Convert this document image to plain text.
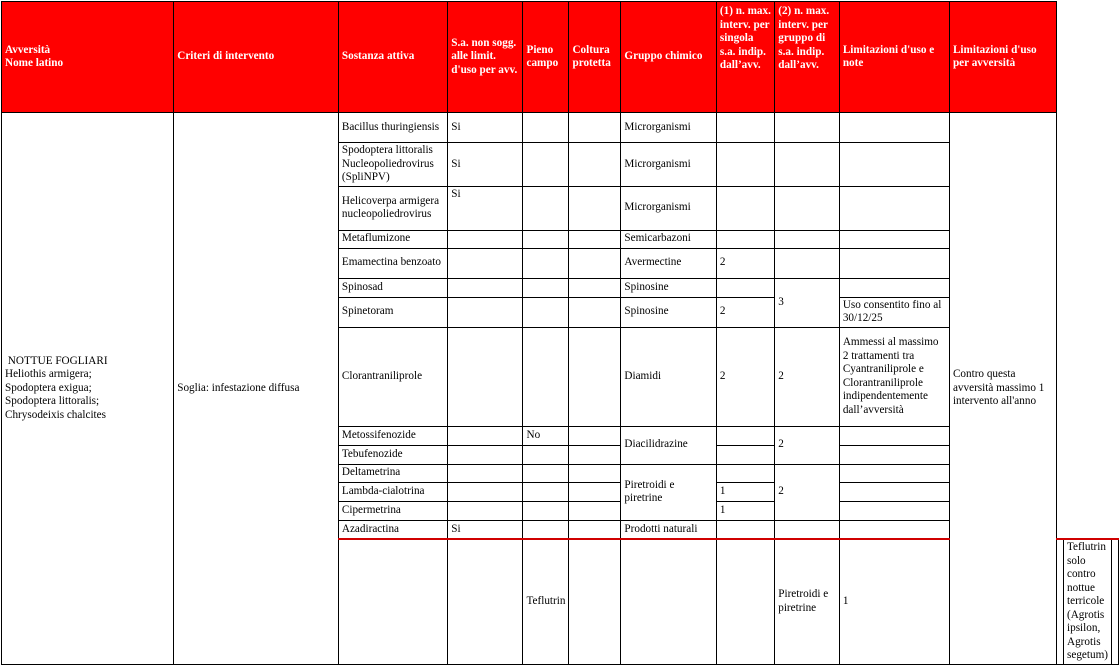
Avversità
Nome latino	Criteri di intervento	Sostanza attiva	S.a. non sogg. alle limit. d'uso per avv.	Pieno campo	Coltura protetta	Gruppo chimico	(1) n. max. interv. per singola s.a. indip. dall’avv.	(2) n. max. interv. per gruppo di s.a. indip. dall’avv.	Limitazioni d'uso e note	Limitazioni d'uso per avversità			
NOTTUE FOGLIARI
Heliothis armigera;
Spodoptera exigua;
Spodoptera littoralis;
Chrysodeixis chalcites	Soglia: infestazione diffusa	Bacillus thuringiensis	Si			Microrganismi				Contro questa avversità massimo 1 intervento all'anno			
		Spodoptera littoralis Nucleopoliedrovirus (SpliNPV)	Si			Microrganismi							
		Helicoverpa armigera nucleopoliedrovirus	Si			Microrganismi							
		Metaflumizone				Semicarbazoni							
		Emamectina benzoato				Avermectine	2						
		Spinosad				Spinosine		3					
		Spinetoram				Spinosine	2		Uso consentito fino al 30/12/25				
		Clorantraniliprole				Diamidi	2	2	Ammessi al massimo 2 trattamenti tra Cyantraniliprole e Clorantraniliprole indipendentemente dall’avversità				
		Metossifenozide		No		Diacilidrazine		2					
		Tebufenozide											
		Deltametrina				Piretroidi e piretrine		2					
		Lambda-cialotrina					1						
		Cipermetrina					1						
		Azadiractina	Si			Prodotti naturali							
				Teflutrin				Piretroidi e piretrine	1			Teflutrin solo contro nottue terricole (Agrotis ipsilon, Agrotis segetum)	
